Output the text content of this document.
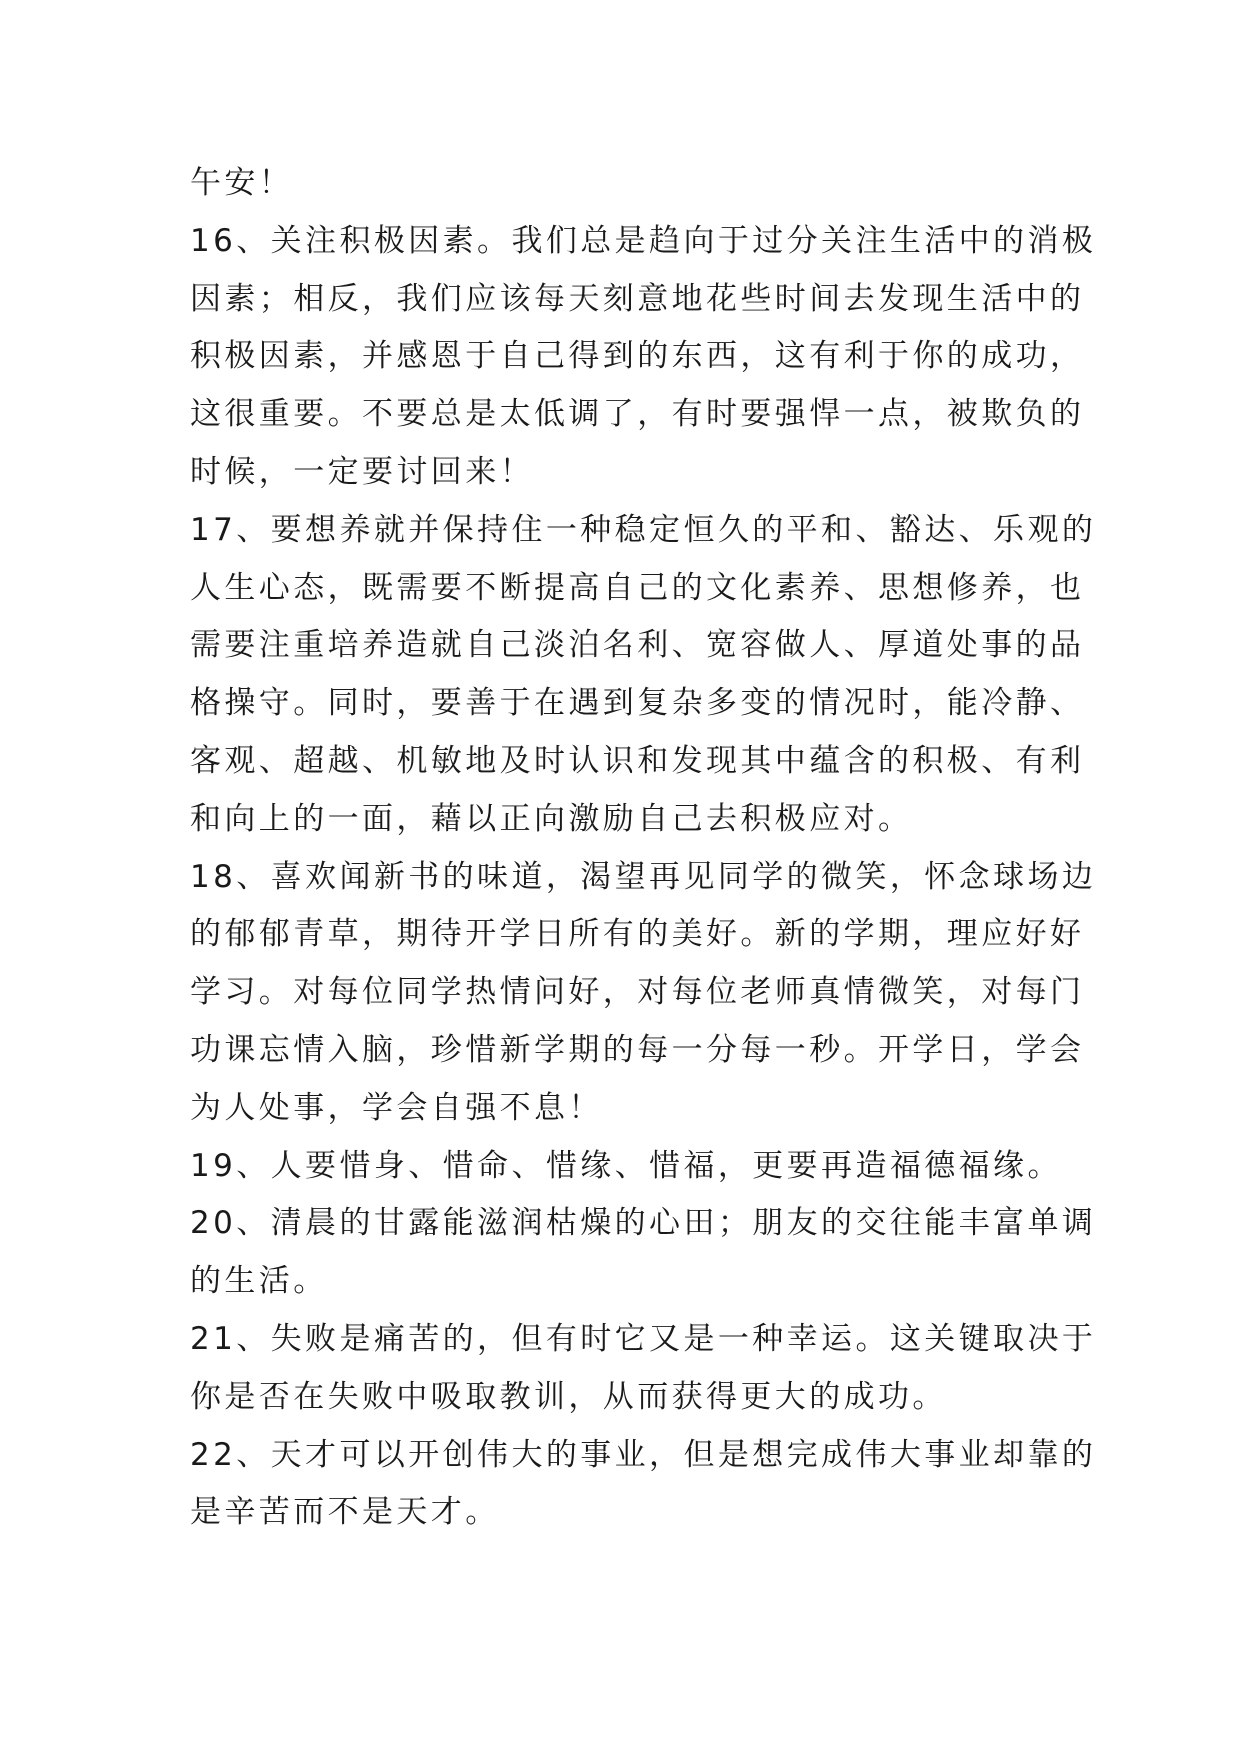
午安！
16、关注积极因素。我们总是趋向于过分关注生活中的消极
因素；相反，我们应该每天刻意地花些时间去发现生活中的
积极因素，并感恩于自己得到的东西，这有利于你的成功，
这很重要。不要总是太低调了，有时要强悍一点，被欺负的
时候，一定要讨回来！
17、要想养就并保持住一种稳定恒久的平和、豁达、乐观的
人生心态，既需要不断提高自己的文化素养、思想修养，也
需要注重培养造就自己淡泊名利、宽容做人、厚道处事的品
格操守。同时，要善于在遇到复杂多变的情况时，能冷静、
客观、超越、机敏地及时认识和发现其中蕴含的积极、有利
和向上的一面，藉以正向激励自己去积极应对。
18、喜欢闻新书的味道，渴望再见同学的微笑，怀念球场边
的郁郁青草，期待开学日所有的美好。新的学期，理应好好
学习。对每位同学热情问好，对每位老师真情微笑，对每门
功课忘情入脑，珍惜新学期的每一分每一秒。开学日，学会
为人处事，学会自强不息！
19、人要惜身、惜命、惜缘、惜福，更要再造福德福缘。
20、清晨的甘露能滋润枯燥的心田；朋友的交往能丰富单调
的生活。
21、失败是痛苦的，但有时它又是一种幸运。这关键取决于
你是否在失败中吸取教训，从而获得更大的成功。
22、天才可以开创伟大的事业，但是想完成伟大事业却靠的
是辛苦而不是天才。
